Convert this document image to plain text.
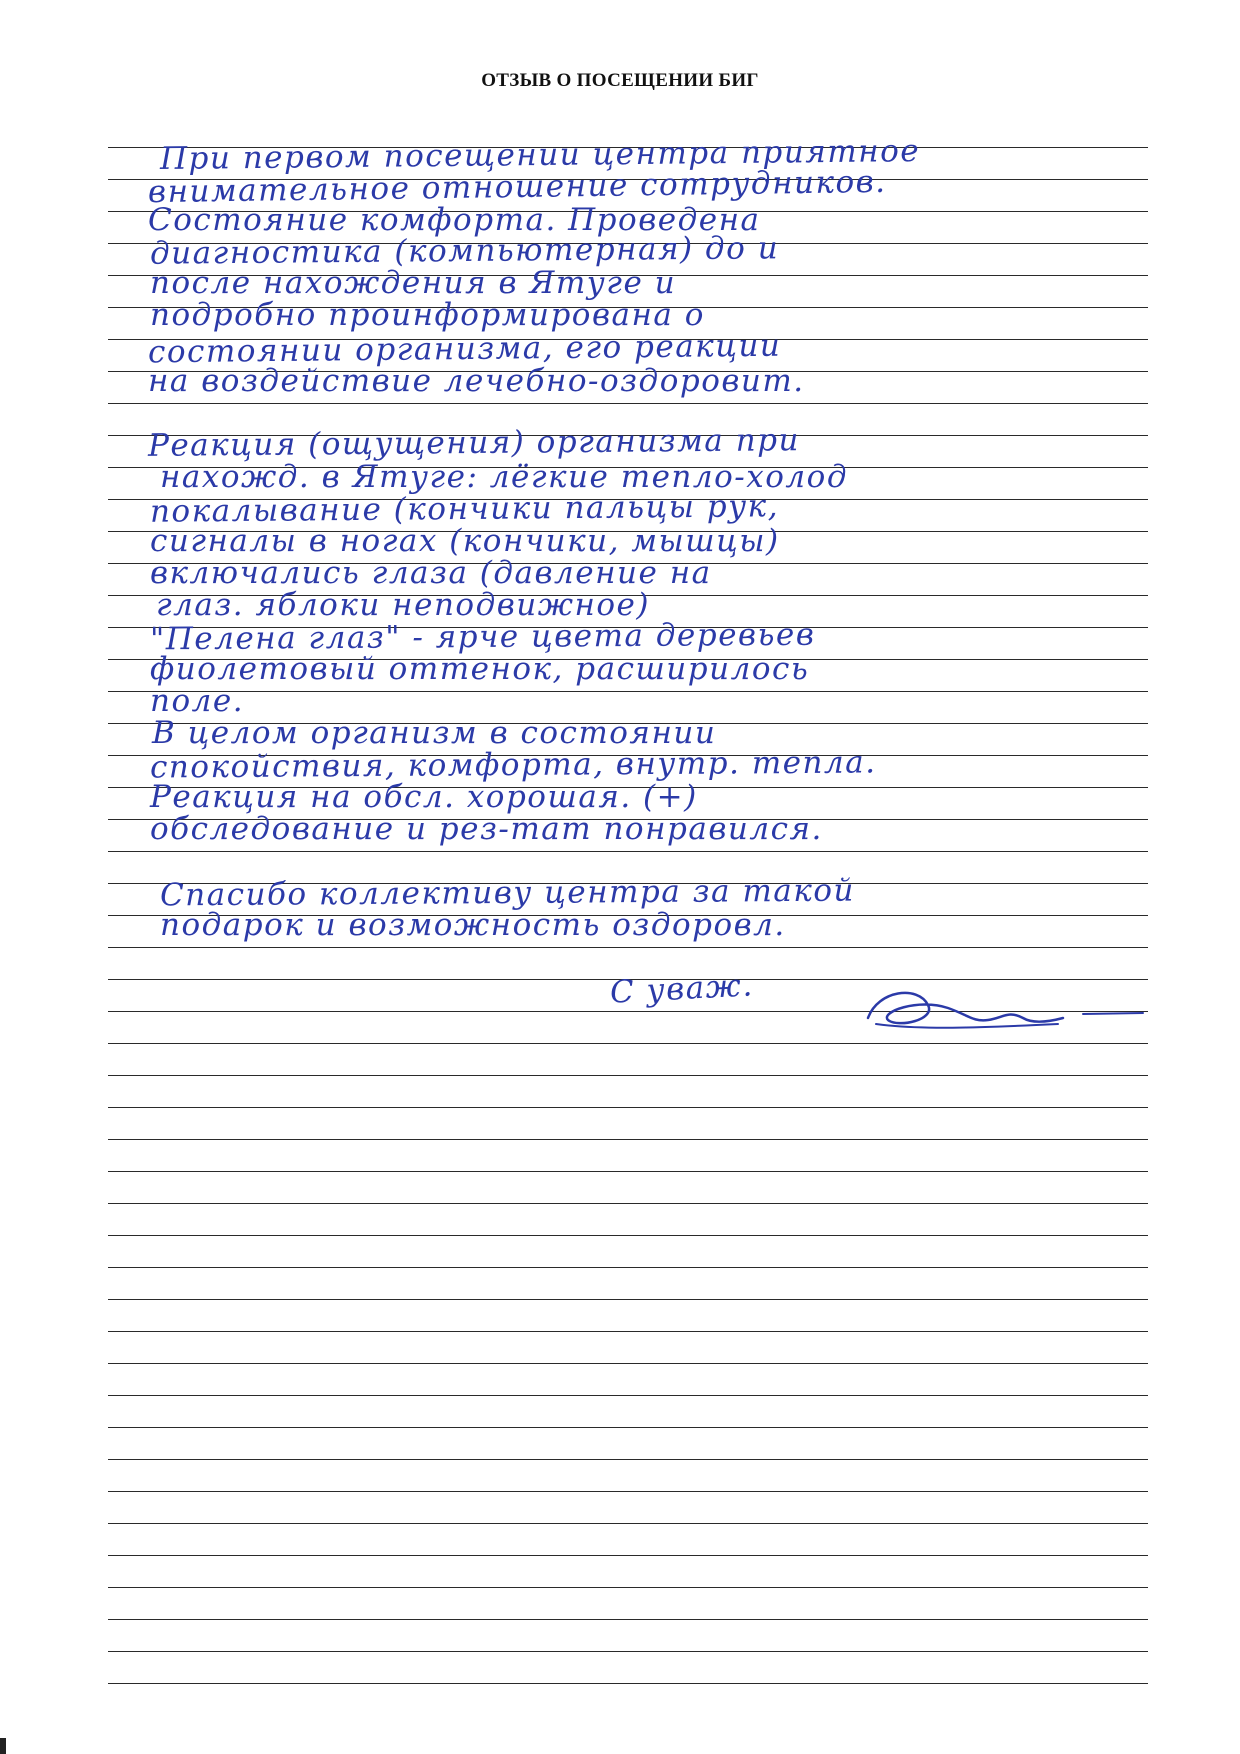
ОТЗЫВ О ПОСЕЩЕНИИ БИГ
При первом посещении центра приятное
внимательное отношение сотрудников.
Состояние комфорта. Проведена
диагностика (компьютерная) до и
после нахождения в Ятуге и
подробно проинформирована о
состоянии организма, его реакции
на воздействие лечебно-оздоровит.
Реакция (ощущения) организма при
нахожд. в Ятуге: лёгкие тепло-холод
покалывание (кончики пальцы рук,
сигналы в ногах (кончики, мышцы)
включались глаза (давление на
глаз. яблоки неподвижное)
"Пелена глаз" - ярче цвета деревьев
фиолетовый оттенок, расширилось
поле.
В целом организм в состоянии
спокойствия, комфорта, внутр. тепла.
Реакция на обсл. хорошая. (+)
обследование и рез-тат понравился.
Спасибо коллективу центра за такой
подарок и возможность оздоровл.
С уваж.
